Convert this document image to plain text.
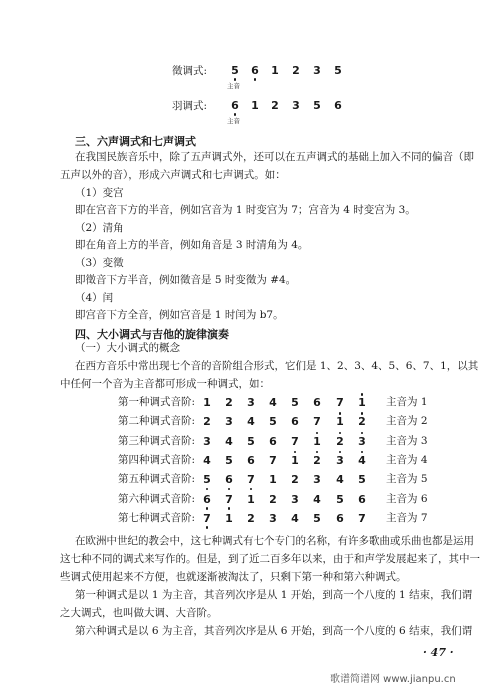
徵调式: 5 6 1 2 3 5
主音
羽调式: 6 1 2 3 5 6
主音
三、六声调式和七声调式
在我国民族音乐中，除了五声调式外，还可以在五声调式的基础上加入不同的偏音（即
五声以外的音），形成六声调式和七声调式。如：
（1）变宫
即在宫音下方的半音，例如宫音为 1 时变宫为 7；宫音为 4 时变宫为 3。
（2）清角
即在角音上方的半音，例如角音是 3 时清角为 4。
（3）变徵
即徵音下方半音，例如徵音是 5 时变徵为 #4。
（4）闰
即宫音下方全音，例如宫音是 1 时闰为 b7。
四、大小调式与吉他的旋律演奏
（一）大小调式的概念
在西方音乐中常出现七个音的音阶组合形式，它们是 1、2、3、4、5、6、7、1，以其
中任何一个音为主音都可形成一种调式，如：
第一种调式音阶: 1 2 3 4 5 6 7 1	主音为 1
第二种调式音阶: 2 3 4 5 6 7 1 2	主音为 2
第三种调式音阶: 3 4 5 6 7 1 2 3	主音为 3
第四种调式音阶: 4 5 6 7 1 2 3 4	主音为 4
第五种调式音阶: 5 6 7 1 2 3 4 5	主音为 5
第六种调式音阶: 6 7 1 2 3 4 5 6	主音为 6
第七种调式音阶: 7 1 2 3 4 5 6 7	主音为 7
在欧洲中世纪的教会中，这七种调式有七个专门的名称，有许多歌曲或乐曲也都是运用
这七种不同的调式来写作的。但是，到了近二百多年以来，由于和声学发展起来了，其中一
些调式使用起来不方便，也就逐渐被淘汰了，只剩下第一种和第六种调式。
第一种调式是以 1 为主音，其音列次序是从 1 开始，到高一个八度的 1 结束，我们谓
之大调式，也叫做大调、大音阶。
第六种调式是以 6 为主音，其音列次序是从 6 开始，到高一个八度的 6 结束，我们谓
· 47 ·
歌谱简谱网 www.jianpu.cn
